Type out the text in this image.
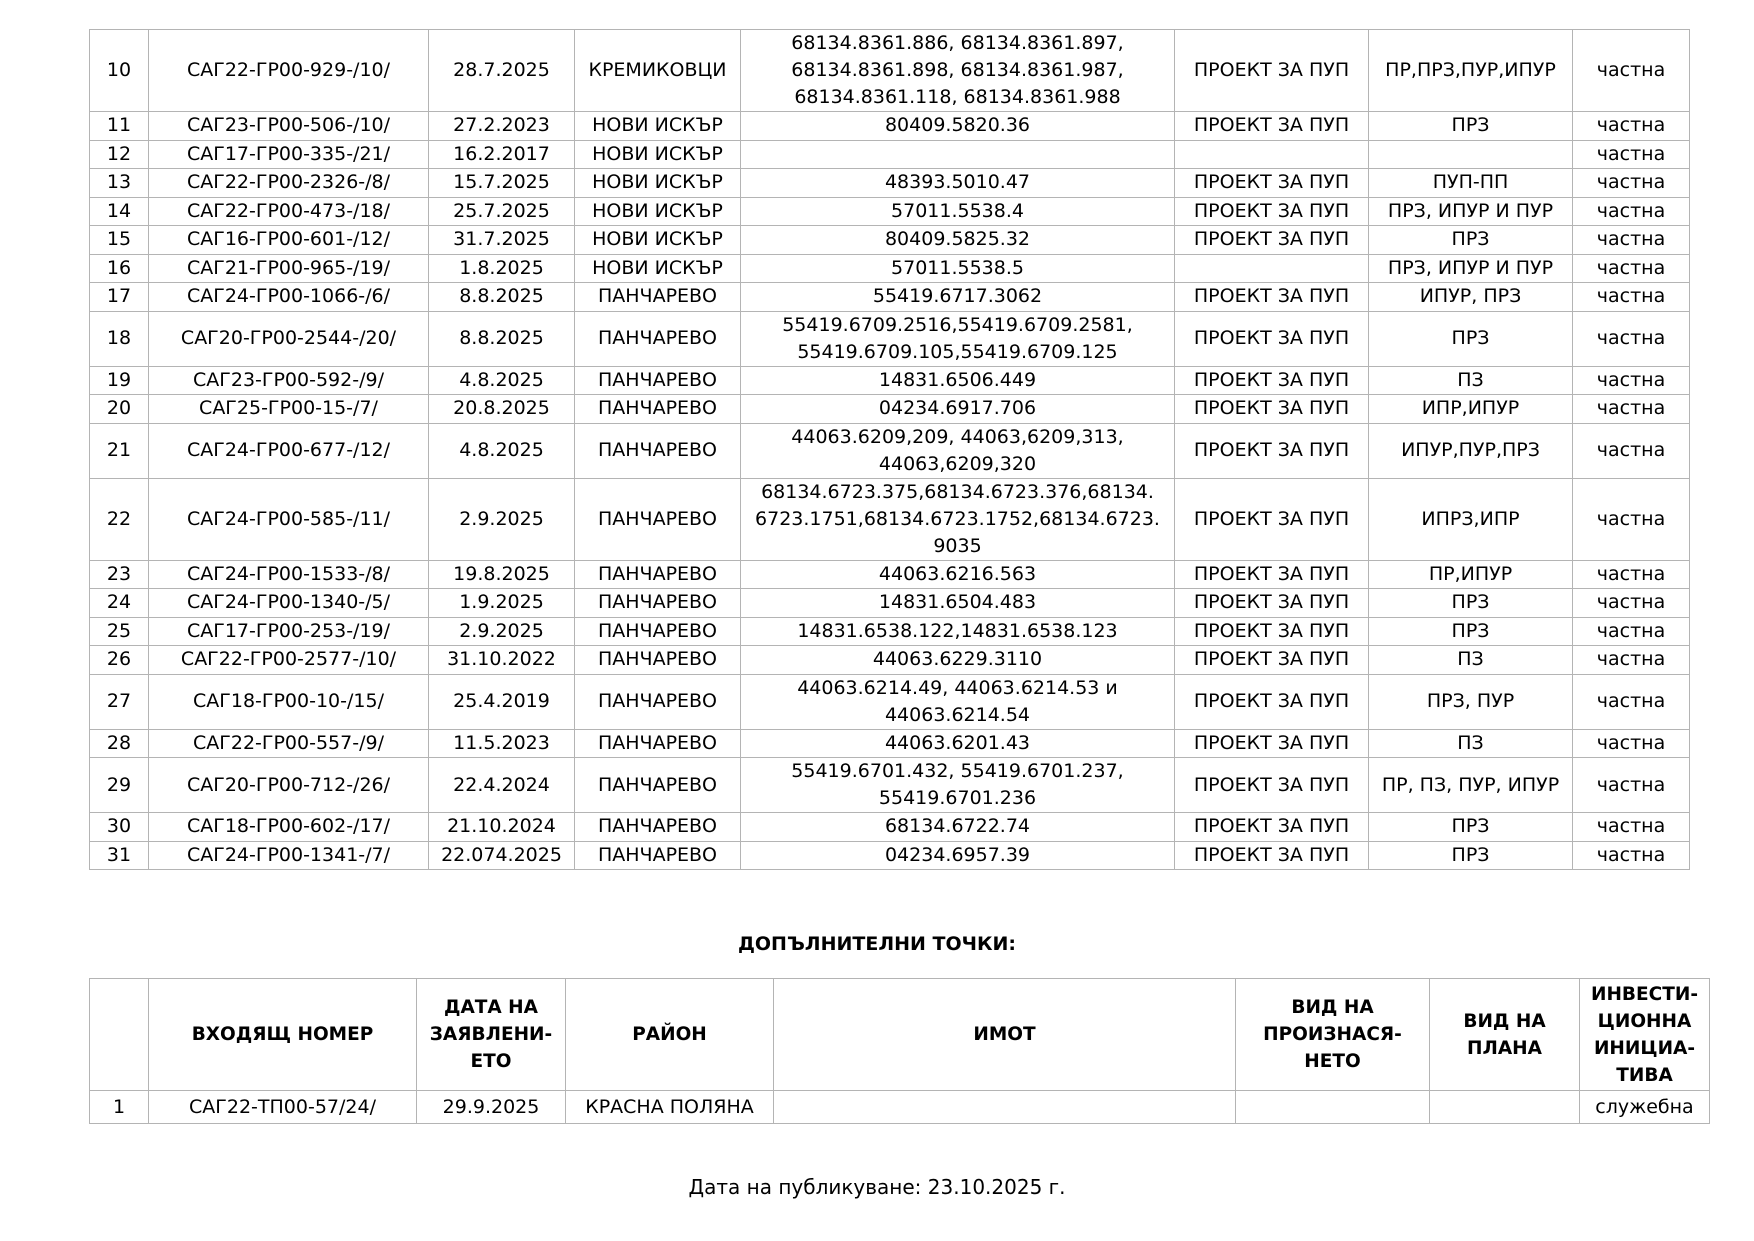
10	САГ22-ГР00-929-/10/	28.7.2025	КРЕМИКОВЦИ	68134.8361.886, 68134.8361.897, 68134.8361.898, 68134.8361.987, 68134.8361.118, 68134.8361.988	ПРОЕКТ ЗА ПУП	ПР,ПРЗ,ПУР,ИПУР	частна
11	САГ23-ГР00-506-/10/	27.2.2023	НОВИ ИСКЪР	80409.5820.36	ПРОЕКТ ЗА ПУП	ПРЗ	частна
12	САГ17-ГР00-335-/21/	16.2.2017	НОВИ ИСКЪР				частна
13	САГ22-ГР00-2326-/8/	15.7.2025	НОВИ ИСКЪР	48393.5010.47	ПРОЕКТ ЗА ПУП	ПУП-ПП	частна
14	САГ22-ГР00-473-/18/	25.7.2025	НОВИ ИСКЪР	57011.5538.4	ПРОЕКТ ЗА ПУП	ПРЗ, ИПУР И ПУР	частна
15	САГ16-ГР00-601-/12/	31.7.2025	НОВИ ИСКЪР	80409.5825.32	ПРОЕКТ ЗА ПУП	ПРЗ	частна
16	САГ21-ГР00-965-/19/	1.8.2025	НОВИ ИСКЪР	57011.5538.5		ПРЗ, ИПУР И ПУР	частна
17	САГ24-ГР00-1066-/6/	8.8.2025	ПАНЧАРЕВО	55419.6717.3062	ПРОЕКТ ЗА ПУП	ИПУР, ПРЗ	частна
18	САГ20-ГР00-2544-/20/	8.8.2025	ПАНЧАРЕВО	55419.6709.2516,55419.6709.2581, 55419.6709.105,55419.6709.125	ПРОЕКТ ЗА ПУП	ПРЗ	частна
19	САГ23-ГР00-592-/9/	4.8.2025	ПАНЧАРЕВО	14831.6506.449	ПРОЕКТ ЗА ПУП	ПЗ	частна
20	САГ25-ГР00-15-/7/	20.8.2025	ПАНЧАРЕВО	04234.6917.706	ПРОЕКТ ЗА ПУП	ИПР,ИПУР	частна
21	САГ24-ГР00-677-/12/	4.8.2025	ПАНЧАРЕВО	44063.6209,209, 44063,6209,313, 44063,6209,320	ПРОЕКТ ЗА ПУП	ИПУР,ПУР,ПРЗ	частна
22	САГ24-ГР00-585-/11/	2.9.2025	ПАНЧАРЕВО	68134.6723.375,68134.6723.376,68134. 6723.1751,68134.6723.1752,68134.6723. 9035	ПРОЕКТ ЗА ПУП	ИПРЗ,ИПР	частна
23	САГ24-ГР00-1533-/8/	19.8.2025	ПАНЧАРЕВО	44063.6216.563	ПРОЕКТ ЗА ПУП	ПР,ИПУР	частна
24	САГ24-ГР00-1340-/5/	1.9.2025	ПАНЧАРЕВО	14831.6504.483	ПРОЕКТ ЗА ПУП	ПРЗ	частна
25	САГ17-ГР00-253-/19/	2.9.2025	ПАНЧАРЕВО	14831.6538.122,14831.6538.123	ПРОЕКТ ЗА ПУП	ПРЗ	частна
26	САГ22-ГР00-2577-/10/	31.10.2022	ПАНЧАРЕВО	44063.6229.3110	ПРОЕКТ ЗА ПУП	ПЗ	частна
27	САГ18-ГР00-10-/15/	25.4.2019	ПАНЧАРЕВО	44063.6214.49, 44063.6214.53 и 44063.6214.54	ПРОЕКТ ЗА ПУП	ПРЗ, ПУР	частна
28	САГ22-ГР00-557-/9/	11.5.2023	ПАНЧАРЕВО	44063.6201.43	ПРОЕКТ ЗА ПУП	ПЗ	частна
29	САГ20-ГР00-712-/26/	22.4.2024	ПАНЧАРЕВО	55419.6701.432, 55419.6701.237, 55419.6701.236	ПРОЕКТ ЗА ПУП	ПР, ПЗ, ПУР, ИПУР	частна
30	САГ18-ГР00-602-/17/	21.10.2024	ПАНЧАРЕВО	68134.6722.74	ПРОЕКТ ЗА ПУП	ПРЗ	частна
31	САГ24-ГР00-1341-/7/	22.074.2025	ПАНЧАРЕВО	04234.6957.39	ПРОЕКТ ЗА ПУП	ПРЗ	частна
ДОПЪЛНИТЕЛНИ ТОЧКИ:
	ВХОДЯЩ НОМЕР	ДАТА НА ЗАЯВЛЕНИ-ЕТО	РАЙОН	ИМОТ	ВИД НА ПРОИЗНАСЯ-НЕТО	ВИД НА ПЛАНА	ИНВЕСТИ-ЦИОННА ИНИЦИА-ТИВА
1	САГ22-ТП00-57/24/	29.9.2025	КРАСНА ПОЛЯНА				служебна
Дата на публикуване: 23.10.2025 г.
